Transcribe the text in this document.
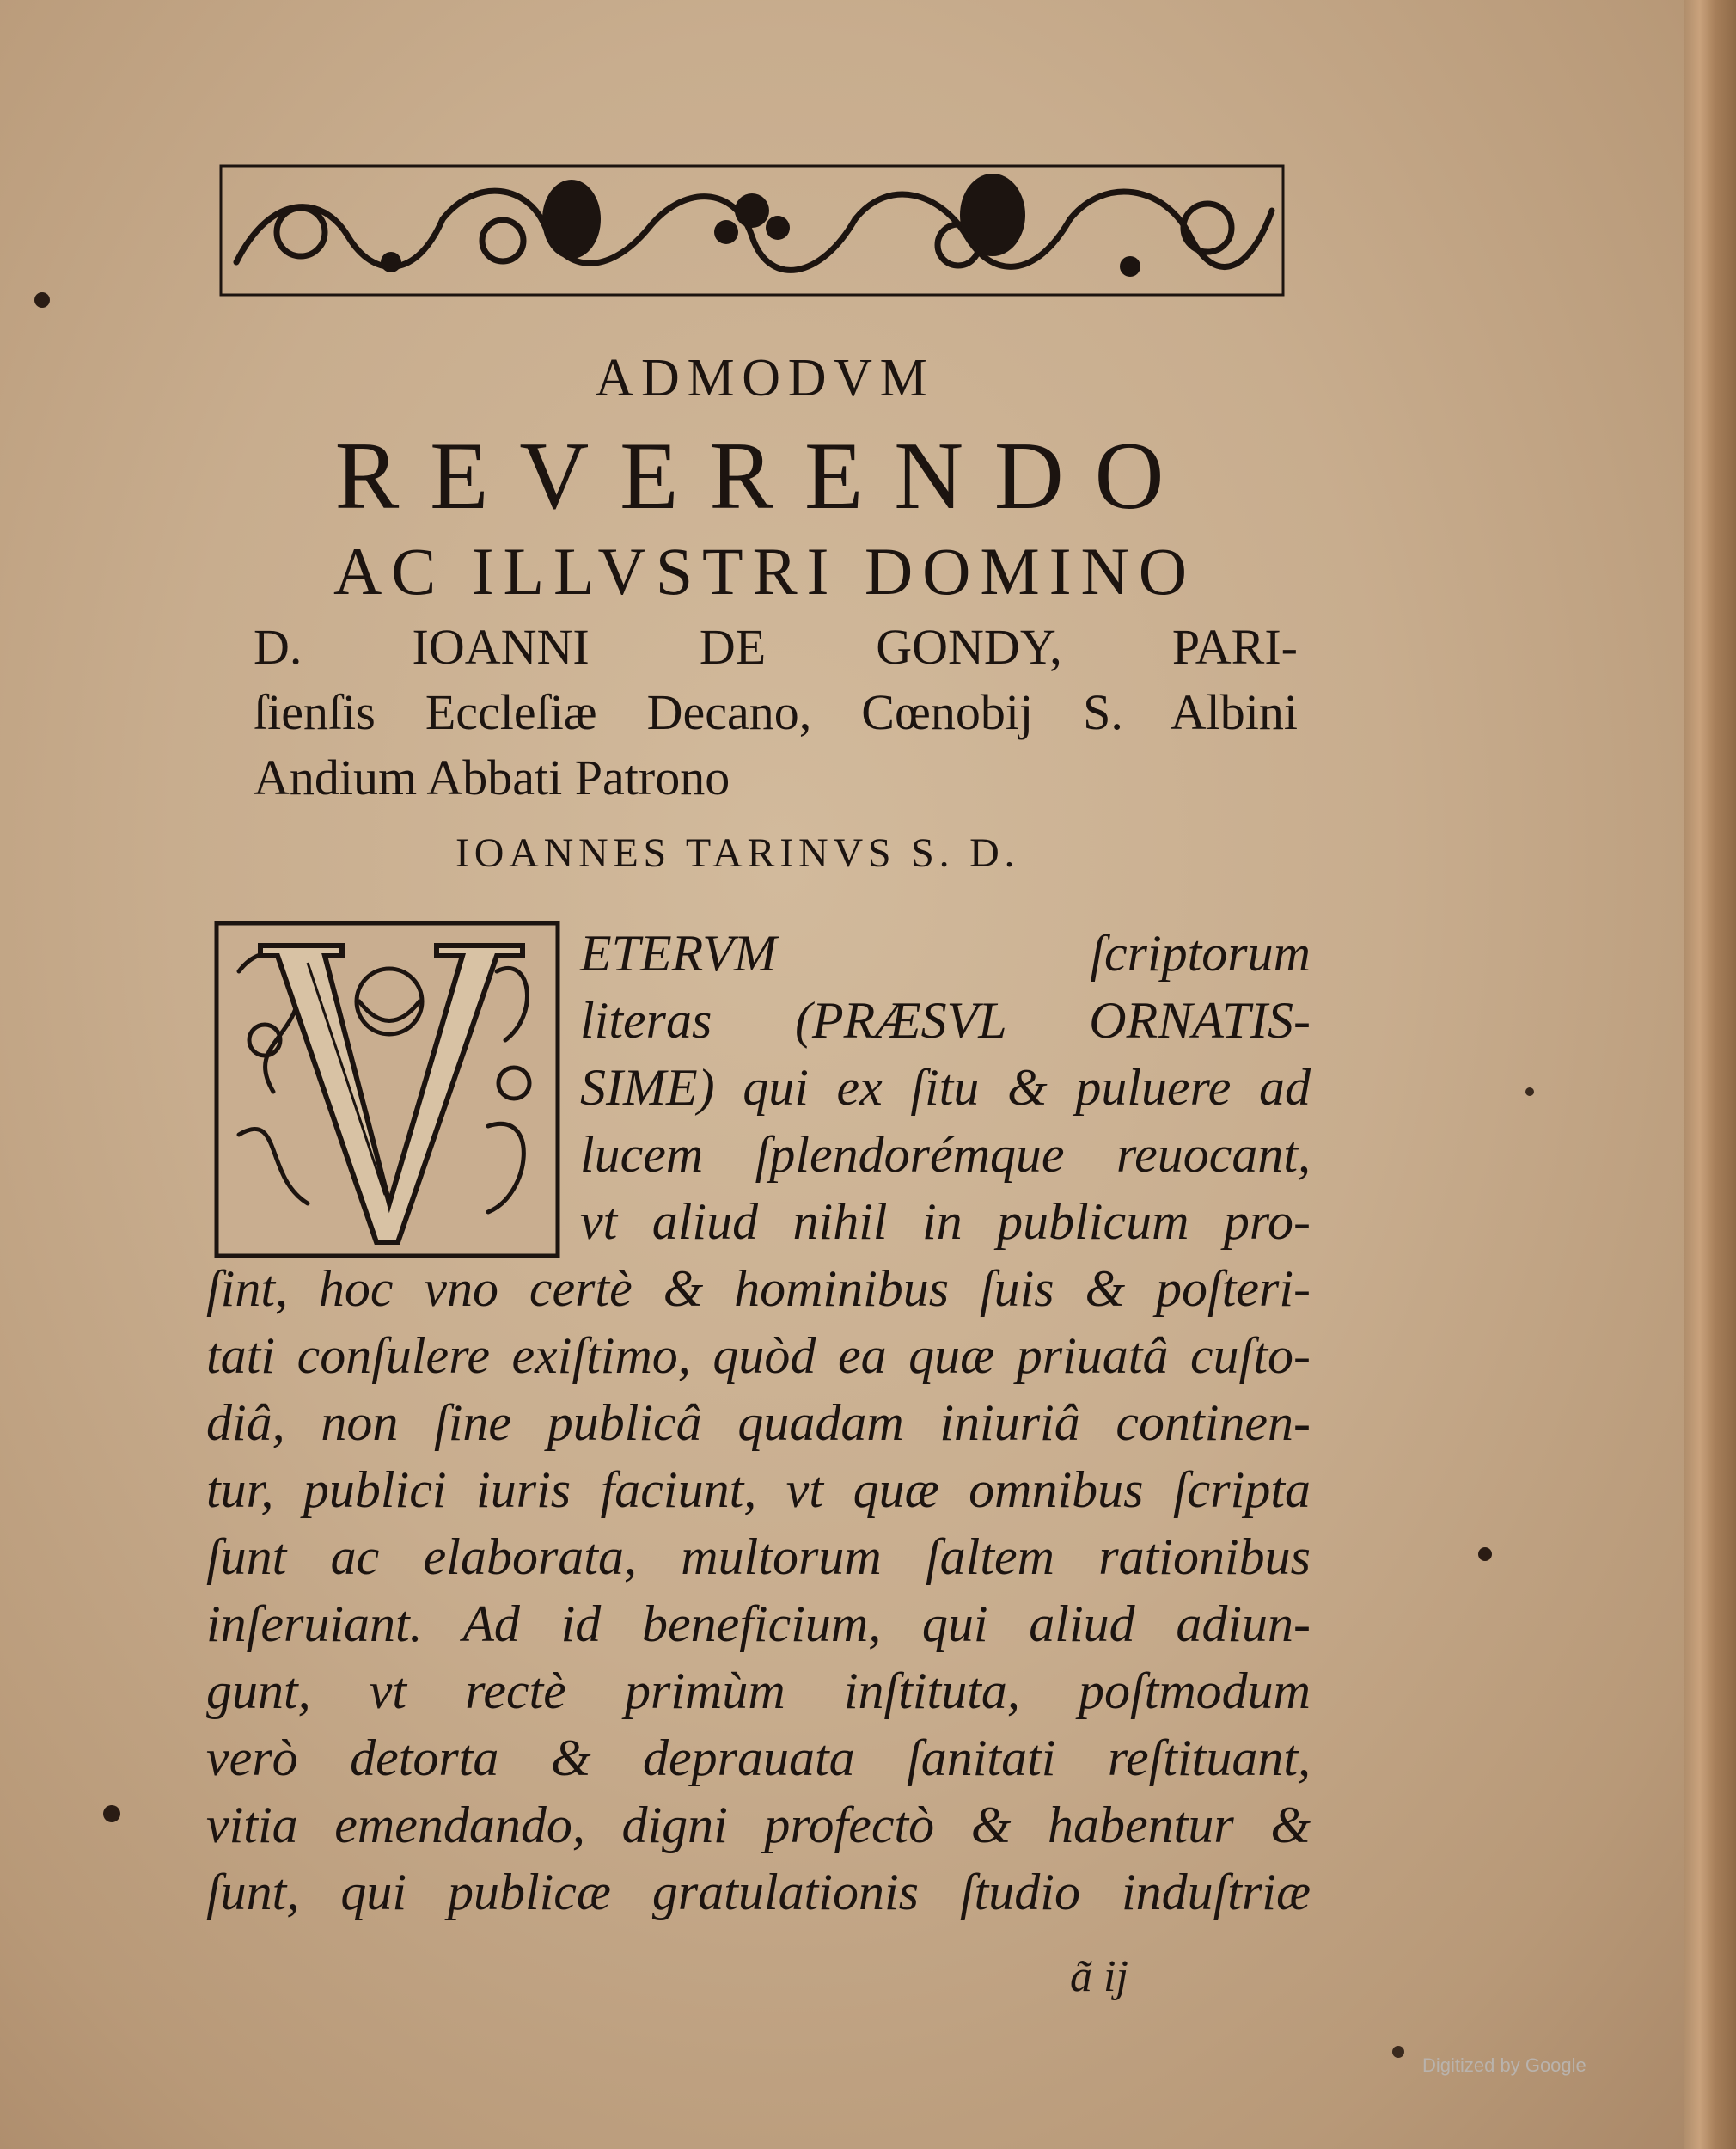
ADMODVM
REVERENDO
AC ILLVSTRI DOMINO
D. IOANNI DE GONDY, PARI-
ſienſis Eccleſiæ Decano, Cœnobij S. Albini
Andium Abbati Patrono
IOANNES TARINVS S. D.
ETERVM ſcriptorum
literas (PRÆSVL ORNATIS-
SIME) qui ex ſitu & puluere ad
lucem ſplendorémque reuocant,
vt aliud nihil in publicum pro-
ſint, hoc vno certè & hominibus ſuis & poſteri-
tati conſulere exiſtimo, quòd ea quæ priuatâ cuſto-
diâ, non ſine publicâ quadam iniuriâ continen-
tur, publici iuris faciunt, vt quæ omnibus ſcripta
ſunt ac elaborata, multorum ſaltem rationibus
inſeruiant. Ad id beneficium, qui aliud adiun-
gunt, vt rectè primùm inſtituta, poſtmodum
verò detorta & deprauata ſanitati reſtituant,
vitia emendando, digni profectò & habentur &
ſunt, qui publicæ gratulationis ſtudio induſtriæ
ã ij
Digitized by Google
